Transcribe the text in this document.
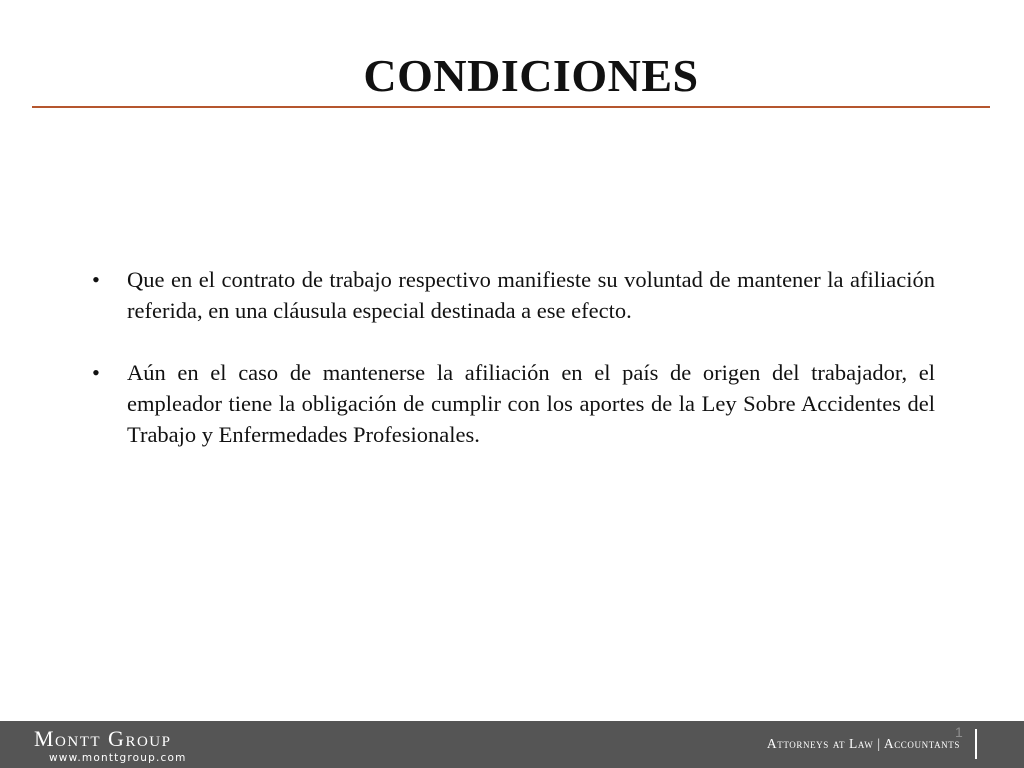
CONDICIONES
•	Que en el contrato de trabajo respectivo manifieste su voluntad de mantener la afiliación referida, en una cláusula especial destinada a ese efecto.
•	Aún en el caso de mantenerse la afiliación en el país de origen del trabajador, el empleador tiene la obligación de cumplir con los aportes de la Ley Sobre Accidentes del Trabajo y Enfermedades Profesionales.
Montt Group
www.monttgroup.com
Attorneys at Law | Accountants
1
